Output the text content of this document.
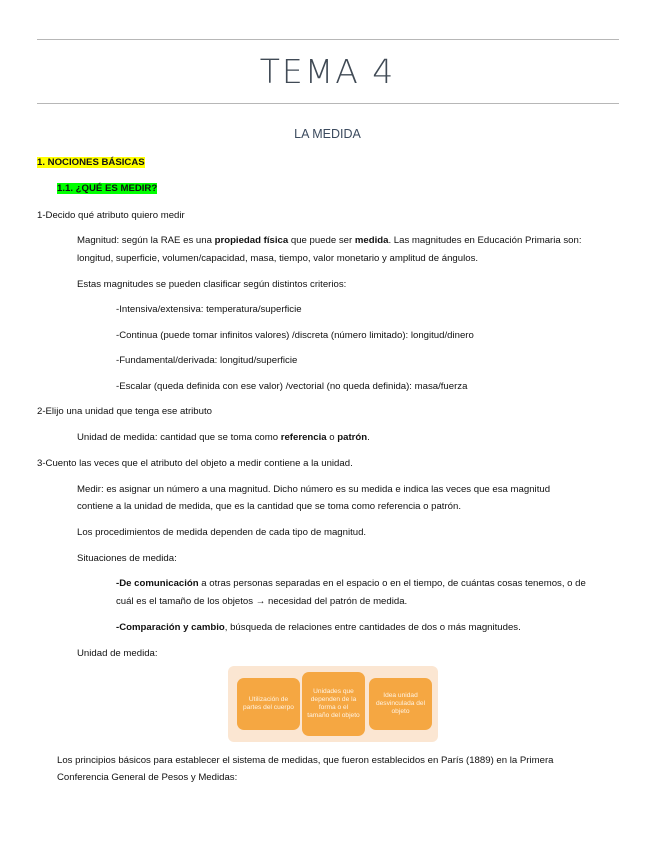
TEMA 4
LA MEDIDA
1. NOCIONES BÁSICAS
1.1. ¿QUÉ ES MEDIR?
1-Decido qué atributo quiero medir
Magnitud: según la RAE es una propiedad física que puede ser medida. Las magnitudes en Educación Primaria son:
longitud, superficie, volumen/capacidad, masa, tiempo, valor monetario y amplitud de ángulos.
Estas magnitudes se pueden clasificar según distintos criterios:
-Intensiva/extensiva: temperatura/superficie
-Continua (puede tomar infinitos valores) /discreta (número limitado): longitud/dinero
-Fundamental/derivada: longitud/superficie
-Escalar (queda definida con ese valor) /vectorial (no queda definida): masa/fuerza
2-Elijo una unidad que tenga ese atributo
Unidad de medida: cantidad que se toma como referencia o patrón.
3-Cuento las veces que el atributo del objeto a medir contiene a la unidad.
Medir: es asignar un número a una magnitud. Dicho número es su medida e indica las veces que esa magnitud
contiene a la unidad de medida, que es la cantidad que se toma como referencia o patrón.
Los procedimientos de medida dependen de cada tipo de magnitud.
Situaciones de medida:
-De comunicación a otras personas separadas en el espacio o en el tiempo, de cuántas cosas tenemos, o de
cuál es el tamaño de los objetos → necesidad del patrón de medida.
-Comparación y cambio, búsqueda de relaciones entre cantidades de dos o más magnitudes.
Unidad de medida:
Utilización de partes del cuerpo
Unidades que dependen de la forma o el tamaño del objeto
Idea unidad desvinculada del objeto
Los principios básicos para establecer el sistema de medidas, que fueron establecidos en París (1889) en la Primera
Conferencia General de Pesos y Medidas:
